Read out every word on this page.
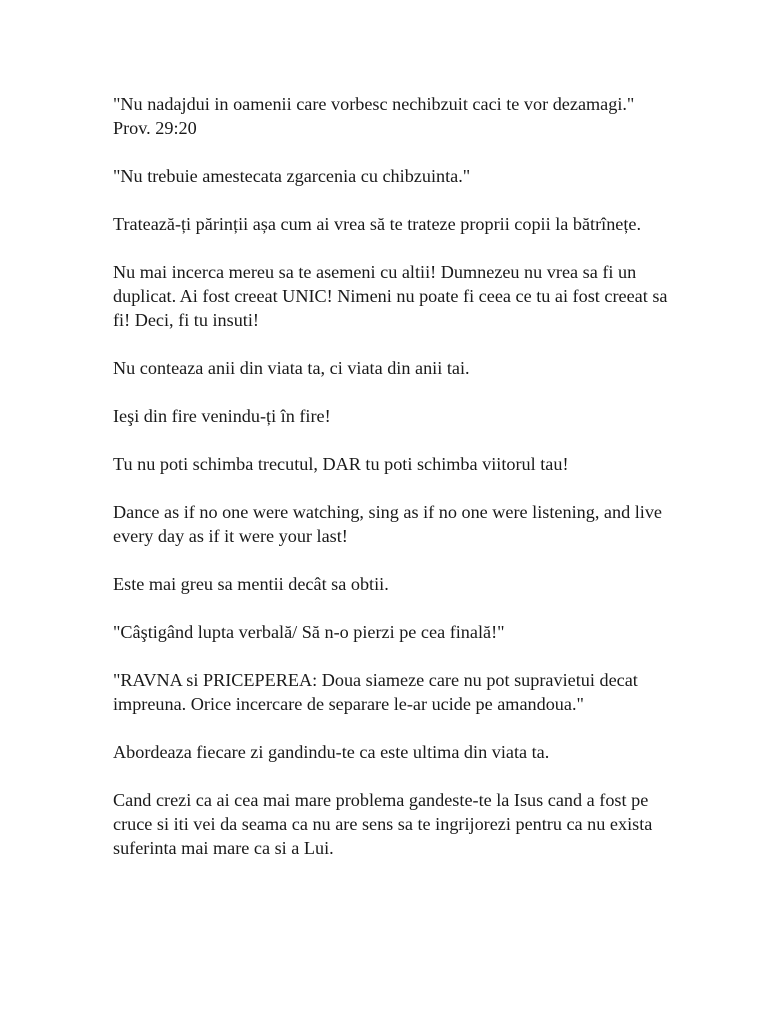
"Nu nadajdui in oamenii care vorbesc nechibzuit caci te vor dezamagi." Prov. 29:20

"Nu trebuie amestecata zgarcenia cu chibzuinta."

Tratează-ți părinții așa cum ai vrea să te trateze proprii copii la bătrînețe.

Nu mai incerca mereu sa te asemeni cu altii! Dumnezeu nu vrea sa fi un duplicat. Ai fost creeat UNIC! Nimeni nu poate fi ceea ce tu ai fost creeat sa fi! Deci, fi tu insuti!

Nu conteaza anii din viata ta, ci viata din anii tai.

Ieşi din fire venindu-ți în fire!

Tu nu poti schimba trecutul, DAR tu poti schimba viitorul tau!

Dance as if no one were watching, sing as if no one were listening, and live every day as if it were your last!

Este mai greu sa mentii decât sa obtii.

"Câştigând lupta verbală/ Să n-o pierzi pe cea finală!"

"RAVNA si PRICEPEREA: Doua siameze care nu pot supravietui decat impreuna. Orice incercare de separare le-ar ucide pe amandoua."

Abordeaza fiecare zi gandindu-te ca este ultima din viata ta.

Cand crezi ca ai cea mai mare problema gandeste-te la Isus cand a fost pe cruce si iti vei da seama ca nu are sens sa te ingrijorezi pentru ca nu exista suferinta mai mare ca si a Lui.
